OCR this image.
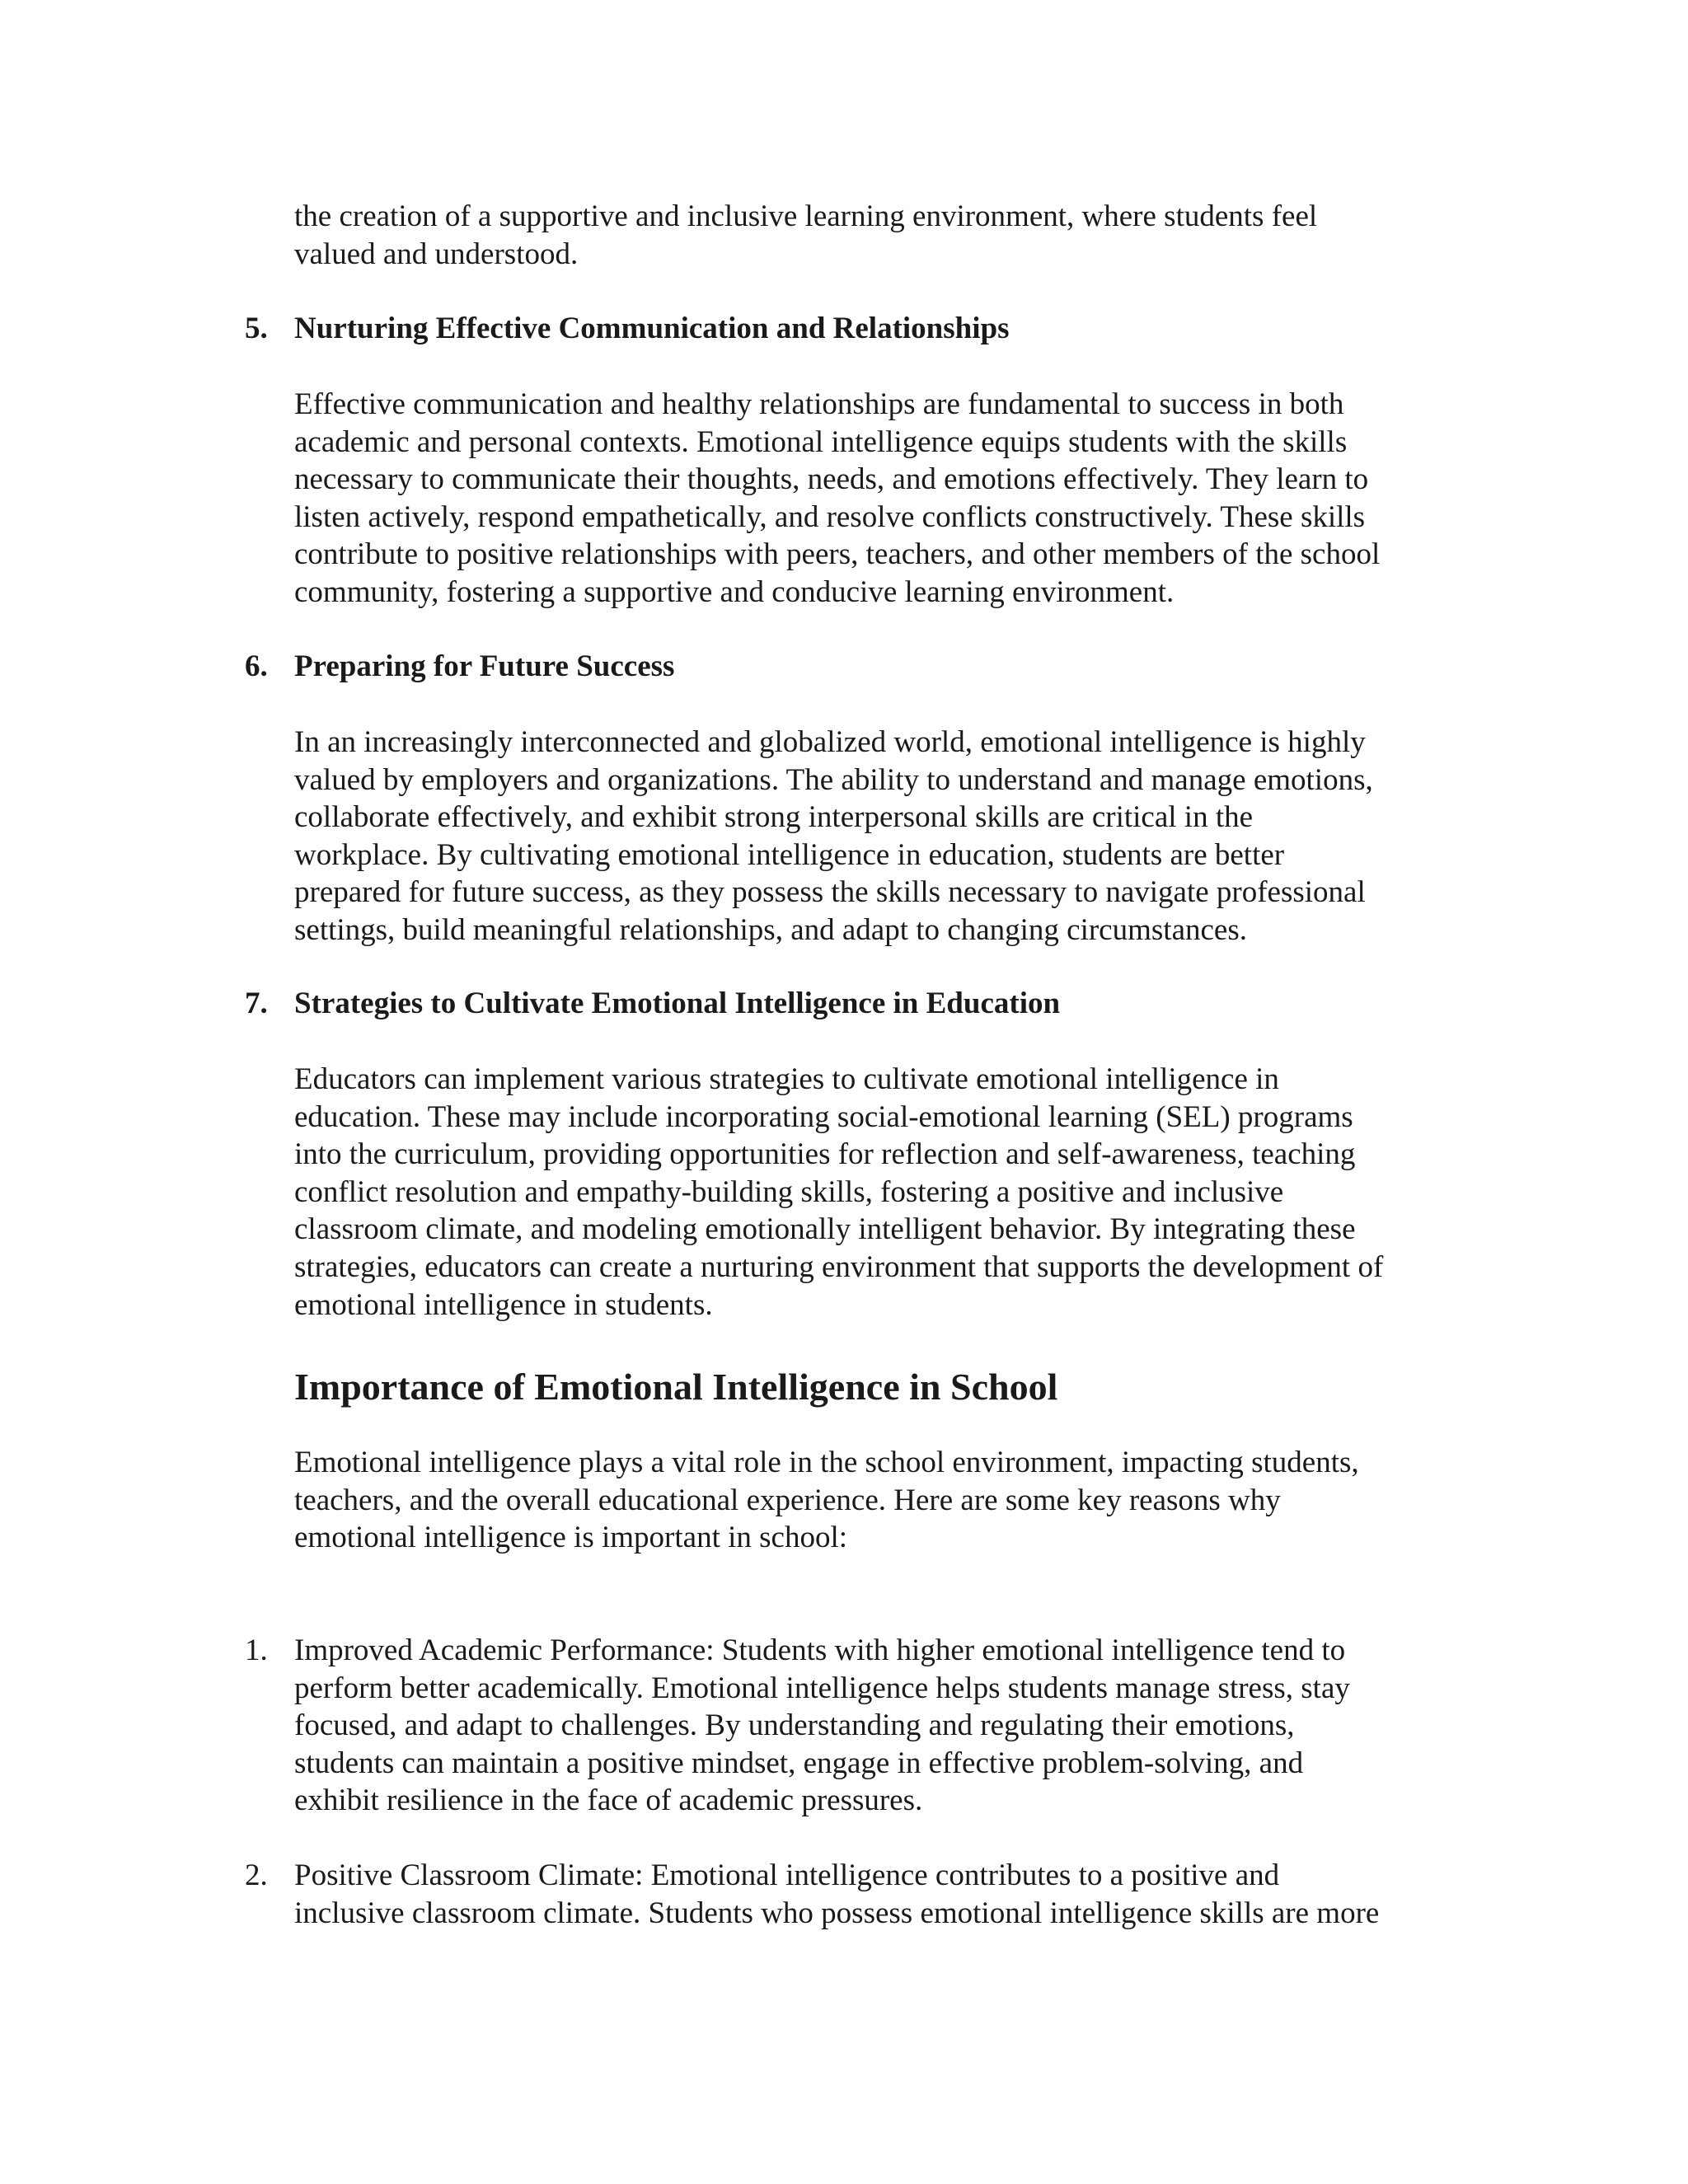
the creation of a supportive and inclusive learning environment, where students feel
valued and understood.
5. Nurturing Effective Communication and Relationships
Effective communication and healthy relationships are fundamental to success in both
academic and personal contexts. Emotional intelligence equips students with the skills
necessary to communicate their thoughts, needs, and emotions effectively. They learn to
listen actively, respond empathetically, and resolve conflicts constructively. These skills
contribute to positive relationships with peers, teachers, and other members of the school
community, fostering a supportive and conducive learning environment.
6. Preparing for Future Success
In an increasingly interconnected and globalized world, emotional intelligence is highly
valued by employers and organizations. The ability to understand and manage emotions,
collaborate effectively, and exhibit strong interpersonal skills are critical in the
workplace. By cultivating emotional intelligence in education, students are better
prepared for future success, as they possess the skills necessary to navigate professional
settings, build meaningful relationships, and adapt to changing circumstances.
7. Strategies to Cultivate Emotional Intelligence in Education
Educators can implement various strategies to cultivate emotional intelligence in
education. These may include incorporating social-emotional learning (SEL) programs
into the curriculum, providing opportunities for reflection and self-awareness, teaching
conflict resolution and empathy-building skills, fostering a positive and inclusive
classroom climate, and modeling emotionally intelligent behavior. By integrating these
strategies, educators can create a nurturing environment that supports the development of
emotional intelligence in students.
Importance of Emotional Intelligence in School
Emotional intelligence plays a vital role in the school environment, impacting students,
teachers, and the overall educational experience. Here are some key reasons why
emotional intelligence is important in school:
1. Improved Academic Performance: Students with higher emotional intelligence tend to
perform better academically. Emotional intelligence helps students manage stress, stay
focused, and adapt to challenges. By understanding and regulating their emotions,
students can maintain a positive mindset, engage in effective problem-solving, and
exhibit resilience in the face of academic pressures.
2. Positive Classroom Climate: Emotional intelligence contributes to a positive and
inclusive classroom climate. Students who possess emotional intelligence skills are more
